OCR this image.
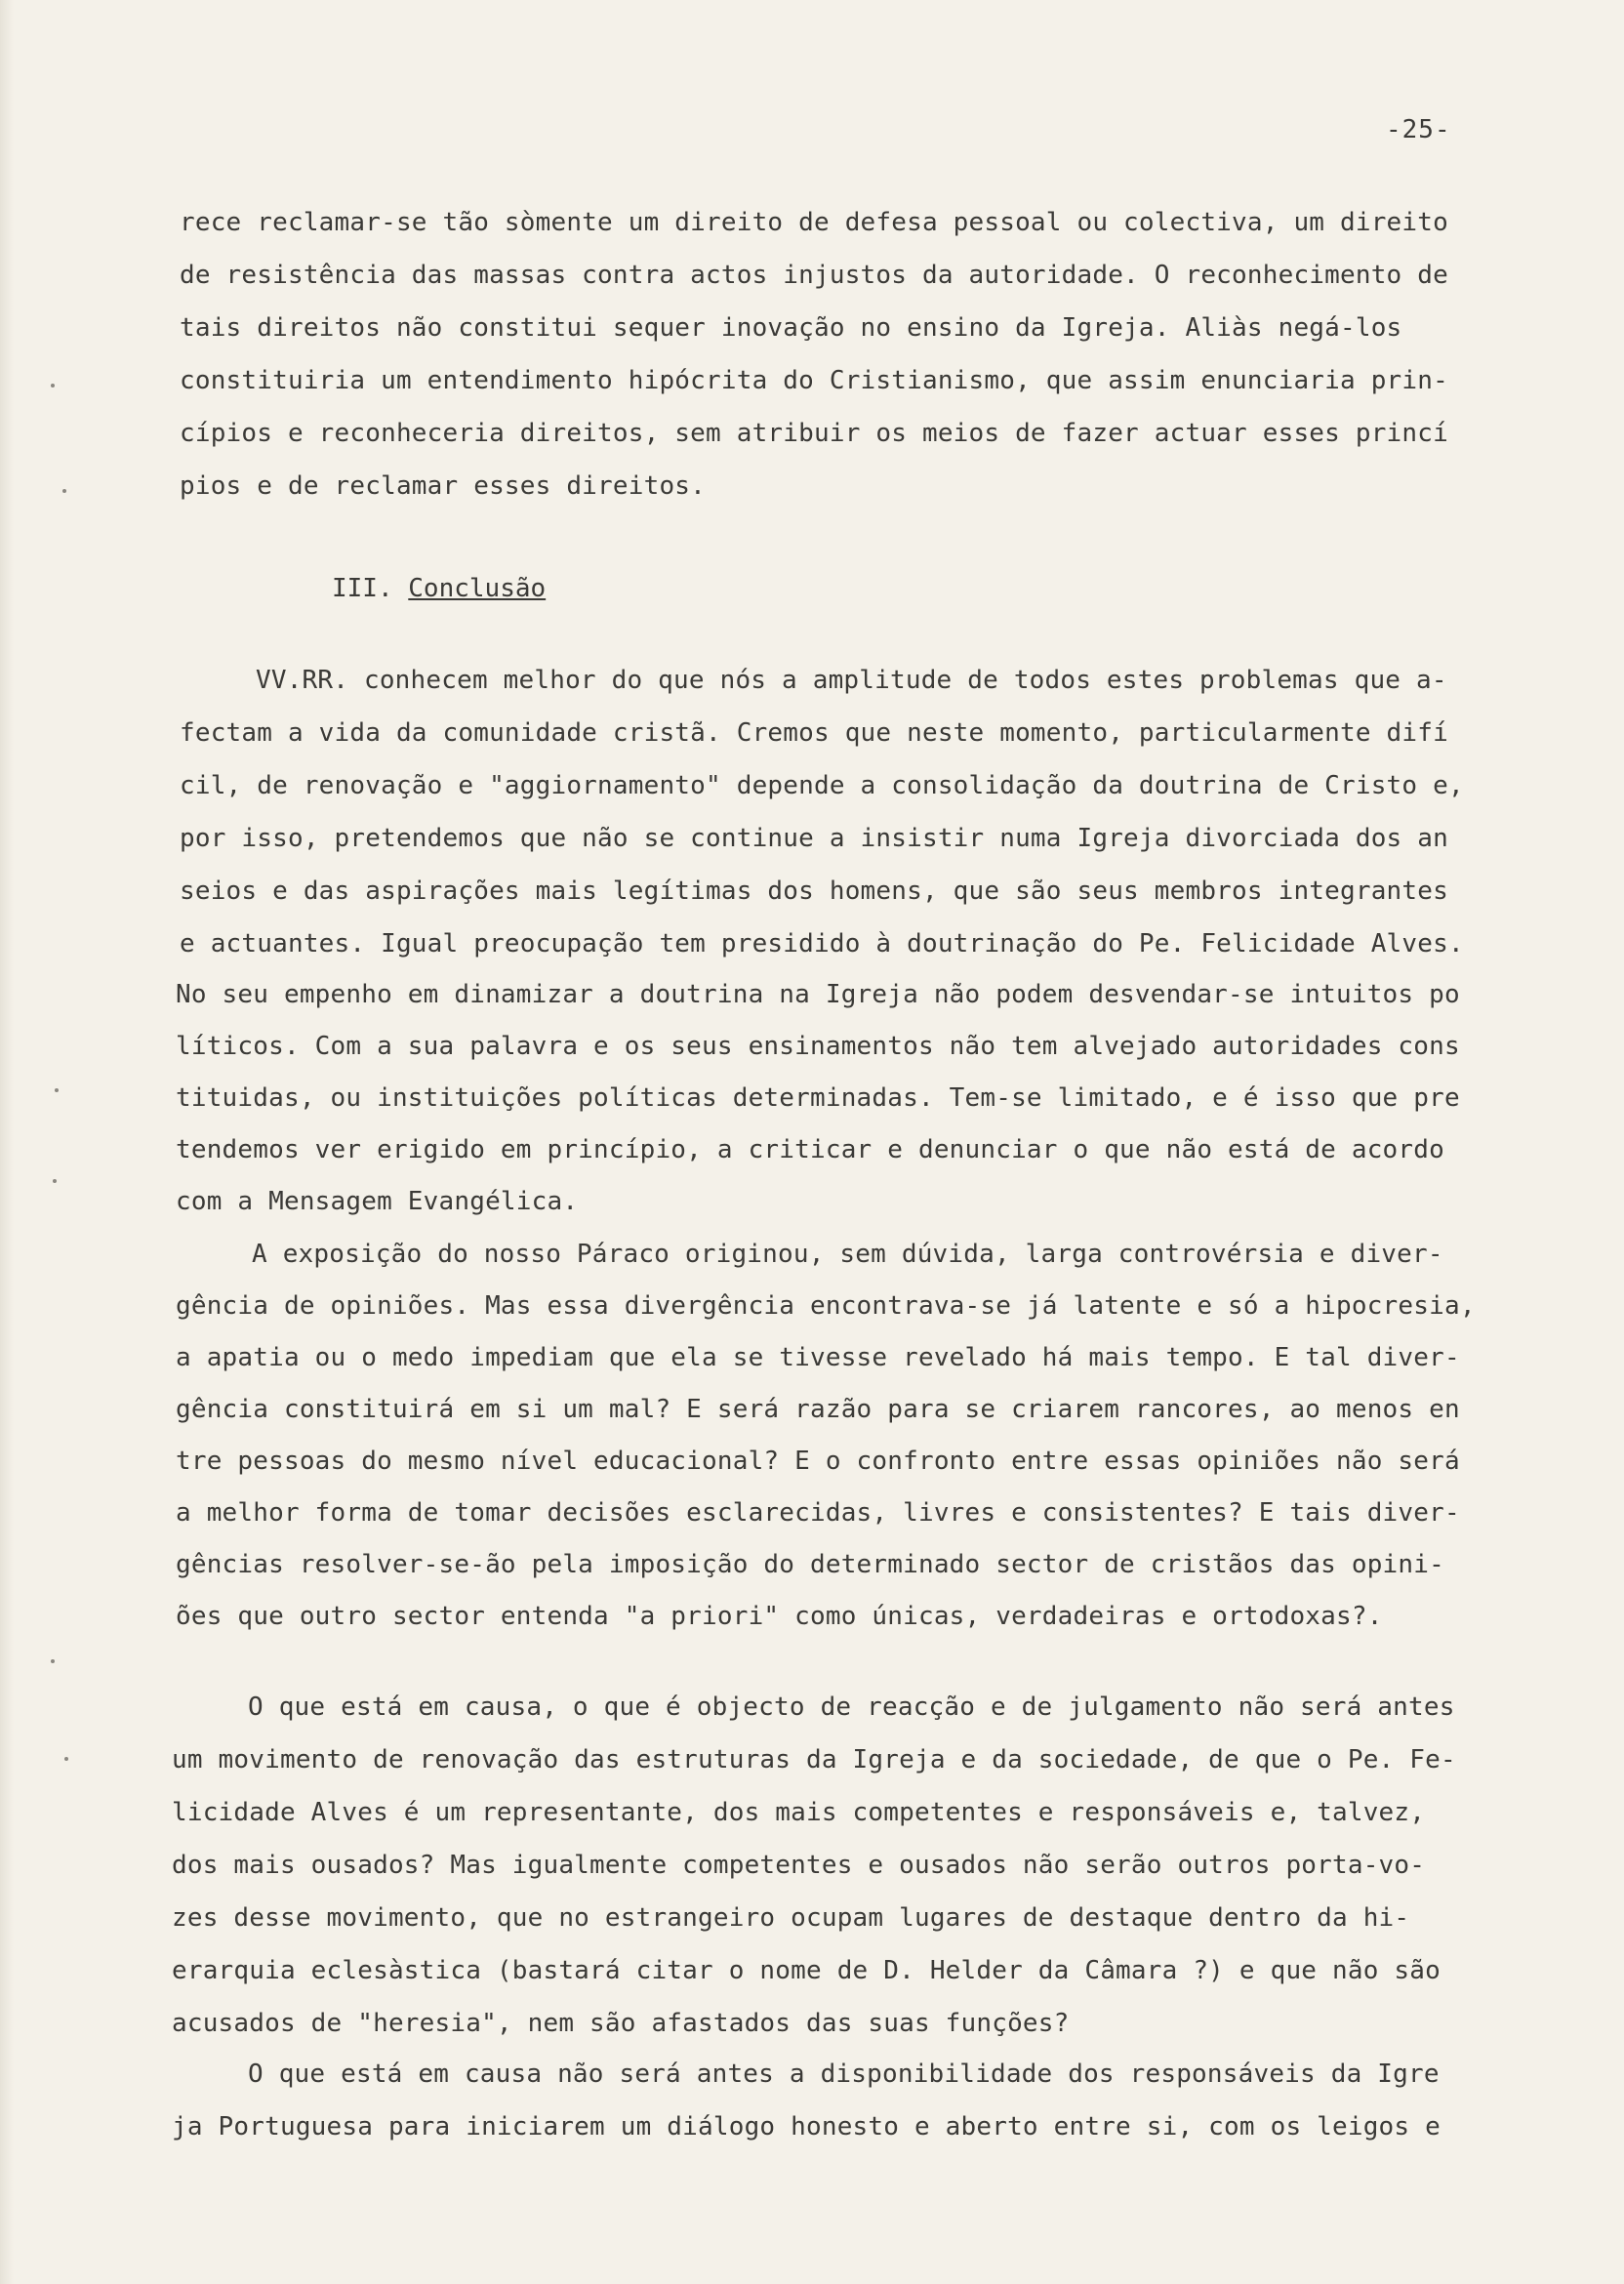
-25-
rece reclamar-se tão sòmente um direito de defesa pessoal ou colectiva, um direito
de resistência das massas contra actos injustos da autoridade. O reconhecimento de
tais direitos não constitui sequer inovação no ensino da Igreja. Aliàs negá-los
constituiria um entendimento hipócrita do Cristianismo, que assim enunciaria prin-
cípios e reconheceria direitos, sem atribuir os meios de fazer actuar esses princí
pios e de reclamar esses direitos.
III. Conclusão
VV.RR. conhecem melhor do que nós a amplitude de todos estes problemas que a-
fectam a vida da comunidade cristã. Cremos que neste momento, particularmente difí
cil, de renovação e "aggiornamento" depende a consolidação da doutrina de Cristo e,
por isso, pretendemos que não se continue a insistir numa Igreja divorciada dos an
seios e das aspirações mais legítimas dos homens, que são seus membros integrantes
e actuantes. Igual preocupação tem presidido à doutrinação do Pe. Felicidade Alves.
No seu empenho em dinamizar a doutrina na Igreja não podem desvendar-se intuitos po
líticos. Com a sua palavra e os seus ensinamentos não tem alvejado autoridades cons
tituidas, ou instituições políticas determinadas. Tem-se limitado, e é isso que pre
tendemos ver erigido em princípio, a criticar e denunciar o que não está de acordo
com a Mensagem Evangélica.
A exposição do nosso Páraco originou, sem dúvida, larga controvérsia e diver-
gência de opiniões. Mas essa divergência encontrava-se já latente e só a hipocresia,
a apatia ou o medo impediam que ela se tivesse revelado há mais tempo. E tal diver-
gência constituirá em si um mal? E será razão para se criarem rancores, ao menos en
tre pessoas do mesmo nível educacional? E o confronto entre essas opiniões não será
a melhor forma de tomar decisões esclarecidas, livres e consistentes? E tais diver-
gências resolver-se-ão pela imposição do determinado sector de cristãos das opini-
ões que outro sector entenda "a priori" como únicas, verdadeiras e ortodoxas?.
O que está em causa, o que é objecto de reacção e de julgamento não será antes
um movimento de renovação das estruturas da Igreja e da sociedade, de que o Pe. Fe-
licidade Alves é um representante, dos mais competentes e responsáveis e, talvez,
dos mais ousados? Mas igualmente competentes e ousados não serão outros porta-vo-
zes desse movimento, que no estrangeiro ocupam lugares de destaque dentro da hi-
erarquia eclesàstica (bastará citar o nome de D. Helder da Câmara ?) e que não são
acusados de "heresia", nem são afastados das suas funções?
O que está em causa não será antes a disponibilidade dos responsáveis da Igre
ja Portuguesa para iniciarem um diálogo honesto e aberto entre si, com os leigos e
